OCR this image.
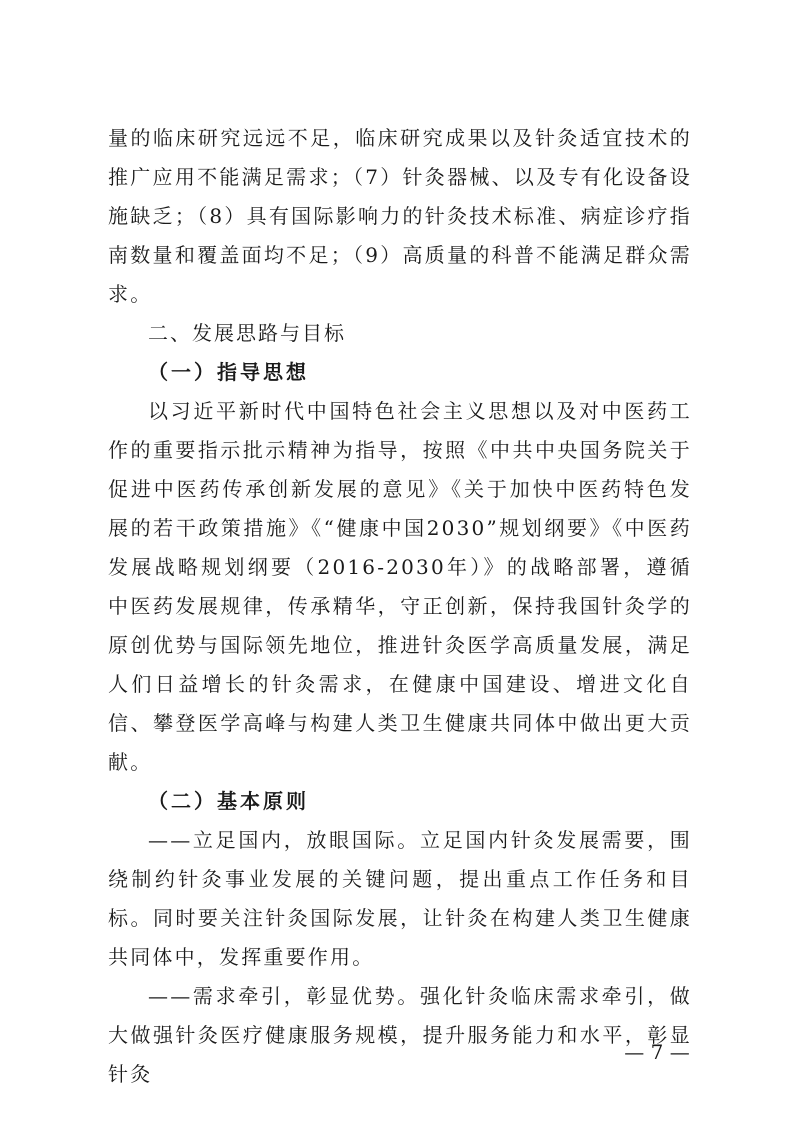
量的临床研究远远不足，临床研究成果以及针灸适宜技术的推广应用不能满足需求；（7）针灸器械、以及专有化设备设施缺乏；（8）具有国际影响力的针灸技术标准、病症诊疗指南数量和覆盖面均不足；（9）高质量的科普不能满足群众需求。

二、发展思路与目标

（一）指导思想

以习近平新时代中国特色社会主义思想以及对中医药工作的重要指示批示精神为指导，按照《中共中央国务院关于促进中医药传承创新发展的意见》《关于加快中医药特色发展的若干政策措施》《“健康中国2030”规划纲要》《中医药发展战略规划纲要（2016-2030年）》的战略部署，遵循中医药发展规律，传承精华，守正创新，保持我国针灸学的原创优势与国际领先地位，推进针灸医学高质量发展，满足人们日益增长的针灸需求，在健康中国建设、增进文化自信、攀登医学高峰与构建人类卫生健康共同体中做出更大贡献。

（二）基本原则

——立足国内，放眼国际。立足国内针灸发展需要，围绕制约针灸事业发展的关键问题，提出重点工作任务和目标。同时要关注针灸国际发展，让针灸在构建人类卫生健康共同体中，发挥重要作用。

——需求牵引，彰显优势。强化针灸临床需求牵引，做大做强针灸医疗健康服务规模，提升服务能力和水平，彰显针灸

— 7 —
